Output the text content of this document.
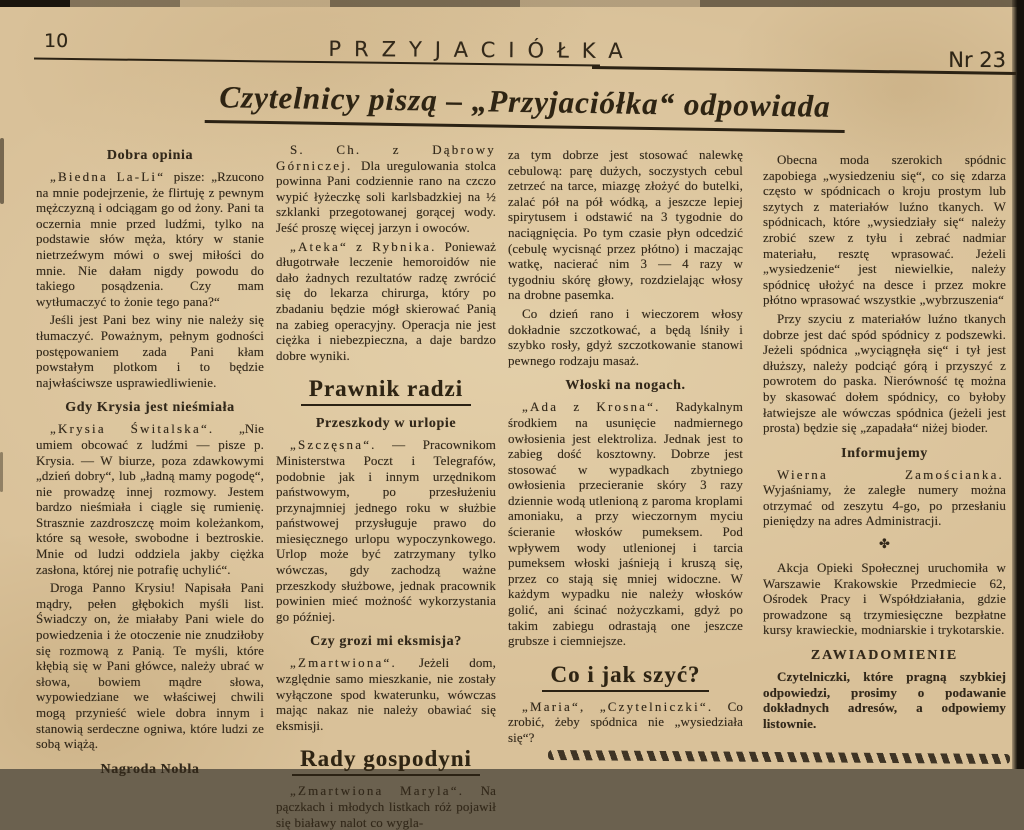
10	PRZYJACIÓŁKA	Nr 23
Czytelnicy piszą – „Przyjaciółka“ odpowiada
Dobra opinia

„Biedna La-Li“ pisze: „Rzucono na mnie podejrzenie, że flirtuję z pewnym mężczyzną i odciągam go od żony. Pani ta oczernia mnie przed ludźmi, tylko na podstawie słów męża, który w stanie nietrzeźwym mówi o swej miłości do mnie. Nie dałam nigdy powodu do takiego posądzenia. Czy mam wytłumaczyć to żonie tego pana?“

Jeśli jest Pani bez winy nie należy się tłumaczyć. Poważnym, pełnym godności postępowaniem zada Pani kłam powstałym plotkom i to będzie najwłaściwsze usprawiedliwienie.

Gdy Krysia jest nieśmiała

„Krysia Świtalska“. „Nie umiem obcować z ludźmi — pisze p. Krysia. — W biurze, poza zdawkowymi „dzień dobry“, lub „ładną mamy pogodę“, nie prowadzę innej rozmowy. Jestem bardzo nieśmiała i ciągle się rumienię. Strasznie zazdroszczę moim koleżankom, które są wesołe, swobodne i beztroskie. Mnie od ludzi oddziela jakby ciężka zasłona, której nie potrafię uchylić“.

Droga Panno Krysiu! Napisała Pani mądry, pełen głębokich myśli list. Świadczy on, że miałaby Pani wiele do powiedzenia i że otoczenie nie znudziłoby się rozmową z Panią. Te myśli, które kłębią się w Pani główce, należy ubrać w słowa, bowiem mądre słowa, wypowiedziane we właściwej chwili mogą przynieść wiele dobra innym i stanowią serdeczne ogniwa, które ludzi ze sobą wiążą.

Nagroda Nobla

S. Ch. z Dąbrowy Górniczej. Dla uregulowania stolca powinna Pani codziennie rano na czczo wypić łyżeczkę soli karlsbadzkiej na ½ szklanki przegotowanej gorącej wody. Jeść proszę więcej jarzyn i owoców.

„Ateka“ z Rybnika. Ponieważ długotrwałe leczenie hemoroidów nie dało żadnych rezultatów radzę zwrócić się do lekarza chirurga, który po zbadaniu będzie mógł skierować Panią na zabieg operacyjny. Operacja nie jest ciężka i niebezpieczna, a daje bardzo dobre wyniki.

Prawnik radzi
Przeszkody w urlopie

„Szczęsna“. — Pracownikom Ministerstwa Poczt i Telegrafów, podobnie jak i innym urzędnikom państwowym, po przesłużeniu przynajmniej jednego roku w służbie państwowej przysługuje prawo do miesięcznego urlopu wypoczynkowego. Urlop może być zatrzymany tylko wówczas, gdy zachodzą ważne przeszkody służbowe, jednak pracownik powinien mieć możność wykorzystania go później.

Czy grozi mi eksmisja?

„Zmartwiona“. Jeżeli dom, względnie samo mieszkanie, nie zostały wyłączone spod kwaterunku, wówczas mając nakaz nie należy obawiać się eksmisji.

Rady gospodyni

„Zmartwiona Maryla“. Na pączkach i młodych listkach róż pojawił się białawy nalot co wygla-

za tym dobrze jest stosować nalewkę cebulową: parę dużych, soczystych cebul zetrzeć na tarce, miazgę złożyć do butelki, zalać pół na pół wódką, a jeszcze lepiej spirytusem i odstawić na 3 tygodnie do naciągnięcia. Po tym czasie płyn odcedzić (cebulę wycisnąć przez płótno) i maczając watkę, nacierać nim 3 — 4 razy w tygodniu skórę głowy, rozdzielając włosy na drobne pasemka.

Co dzień rano i wieczorem włosy dokładnie szczotkować, a będą lśniły i szybko rosły, gdyż szczotkowanie stanowi pewnego rodzaju masaż.

Włoski na nogach.

„Ada z Krosna“. Radykalnym środkiem na usunięcie nadmiernego owłosienia jest elektroliza. Jednak jest to zabieg dość kosztowny. Dobrze jest stosować w wypadkach zbytniego owłosienia przecieranie skóry 3 razy dziennie wodą utlenioną z paroma kroplami amoniaku, a przy wieczornym myciu ścieranie włosków pumeksem. Pod wpływem wody utlenionej i tarcia pumeksem włoski jaśnieją i kruszą się, przez co stają się mniej widoczne. W każdym wypadku nie należy włosków golić, ani ścinać nożyczkami, gdyż po takim zabiegu odrastają one jeszcze grubsze i ciemniejsze.

Co i jak szyć?

„Maria“, „Czytelniczki“. Co zrobić, żeby spódnica nie „wysiedziała się“?

Obecna moda szerokich spódnic zapobiega „wysiedzeniu się“, co się zdarza często w spódnicach o kroju prostym lub szytych z materiałów luźno tkanych. W spódnicach, które „wysiedziały się“ należy zrobić szew z tyłu i zebrać nadmiar materiału, resztę wprasować. Jeżeli „wysiedzenie“ jest niewielkie, należy spódnicę ułożyć na desce i przez mokre płótno wprasować wszystkie „wybrzuszenia“

Przy szyciu z materiałów luźno tkanych dobrze jest dać spód spódnicy z podszewki. Jeżeli spódnica „wyciągnęła się“ i tył jest dłuższy, należy podciąć górą i przyszyć z powrotem do paska. Nierówność tę można by skasować dołem spódnicy, co byłoby łatwiejsze ale wówczas spódnica (jeżeli jest prosta) będzie się „zapadała“ niżej bioder.

Informujemy

Wierna Zamościanka. Wyjaśniamy, że zaległe numery można otrzymać od zeszytu 4-go, po przesłaniu pieniędzy na adres Administracji.

✤

Akcja Opieki Społecznej uruchomiła w Warszawie Krakowskie Przedmiecie 62, Ośrodek Pracy i Współdziałania, gdzie prowadzone są trzymiesięczne bezpłatne kursy krawieckie, modniarskie i trykotarskie.

ZAWIADOMIENIE

Czytelniczki, które pragną szybkiej odpowiedzi, prosimy o podawanie dokładnych adresów, a odpowiemy listownie.
